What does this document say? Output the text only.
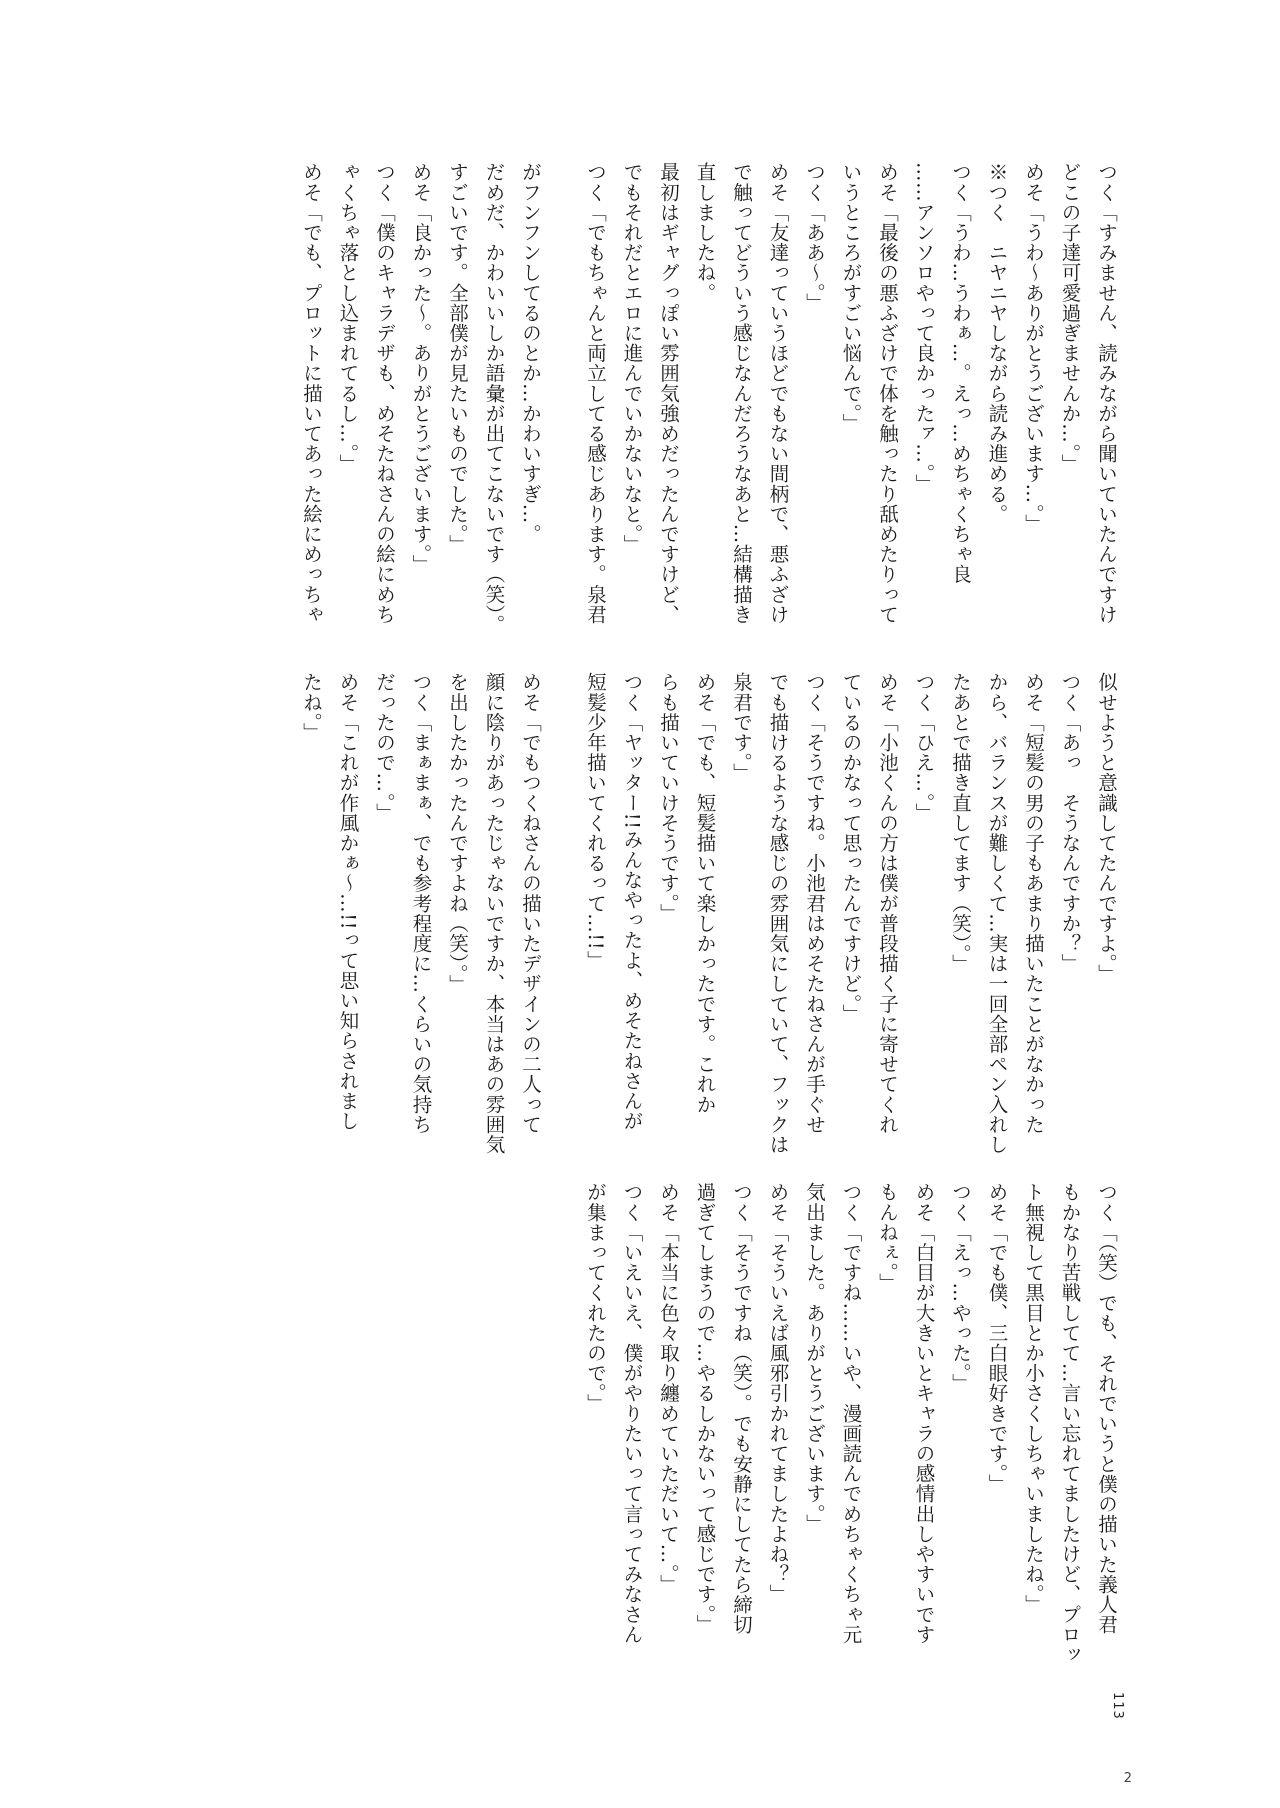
つく「すみません、読みながら聞いていたんですけ
どこの子達可愛過ぎませんか…。」
めそ「うわ〜ありがとうございます…。」
※つく　ニヤニヤしながら読み進める。
つく「うわ…うわぁ…。えっ…めちゃくちゃ良
……アンソロやって良かったァ…。」
めそ「最後の悪ふざけで体を触ったり舐めたりって
いうところがすごい悩んで。」
つく「ああ〜。」
めそ「友達っていうほどでもない間柄で、悪ふざけ
で触ってどういう感じなんだろうなあと…結構描き
直しましたね。
最初はギャグっぽい雰囲気強めだったんですけど、
でもそれだとエロに進んでいかないなと。」
つく「でもちゃんと両立してる感じあります。泉君
がフンフンしてるのとか…かわいすぎ…。
だめだ、かわいいしか語彙が出てこないです（笑）。
すごいです。全部僕が見たいものでした。」
めそ「良かった〜。ありがとうございます。」
つく「僕のキャラデザも、めそたねさんの絵にめち
ゃくちゃ落とし込まれてるし…。」
めそ「でも、プロットに描いてあった絵にめっちゃ
似せようと意識してたんですよ。」
つく「あっ　そうなんですか？」
めそ「短髪の男の子もあまり描いたことがなかった
から、バランスが難しくて…実は一回全部ペン入れし
たあとで描き直してます（笑）。」
つく「ひえ…。」
めそ「小池くんの方は僕が普段描く子に寄せてくれ
ているのかなって思ったんですけど。」
つく「そうですね。小池君はめそたねさんが手ぐせ
でも描けるような感じの雰囲気にしていて、フックは
泉君です。」
めそ「でも、短髪描いて楽しかったです。これか
らも描いていけそうです。」
つく「ヤッター!!みんなやったよ、めそたねさんが
短髪少年描いてくれるって…!!」
めそ「でもつくねさんの描いたデザインの二人って
顔に陰りがあったじゃないですか、本当はあの雰囲気
を出したかったんですよね（笑）。」
つく「まぁまぁ、でも参考程度に…くらいの気持ち
だったので…。」
めそ「これが作風かぁ〜…!!って思い知らされまし
たね。」
つく「（笑）でも、それでいうと僕の描いた義人君
もかなり苦戦してて…言い忘れてましたけど、プロッ
ト無視して黒目とか小さくしちゃいましたね。」
めそ「でも僕、三白眼好きです。」
つく「えっ…やった。」
めそ「白目が大きいとキャラの感情出しやすいです
もんねぇ。」
つく「ですね……いや、漫画読んでめちゃくちゃ元
気出ました。ありがとうございます。」
めそ「そういえば風邪引かれてましたよね？」
つく「そうですね（笑）。でも安静にしてたら締切
過ぎてしまうので…やるしかないって感じです。」
めそ「本当に色々取り纏めていただいて…。」
つく「いえいえ、僕がやりたいって言ってみなさん
が集まってくれたので。」
113
2
